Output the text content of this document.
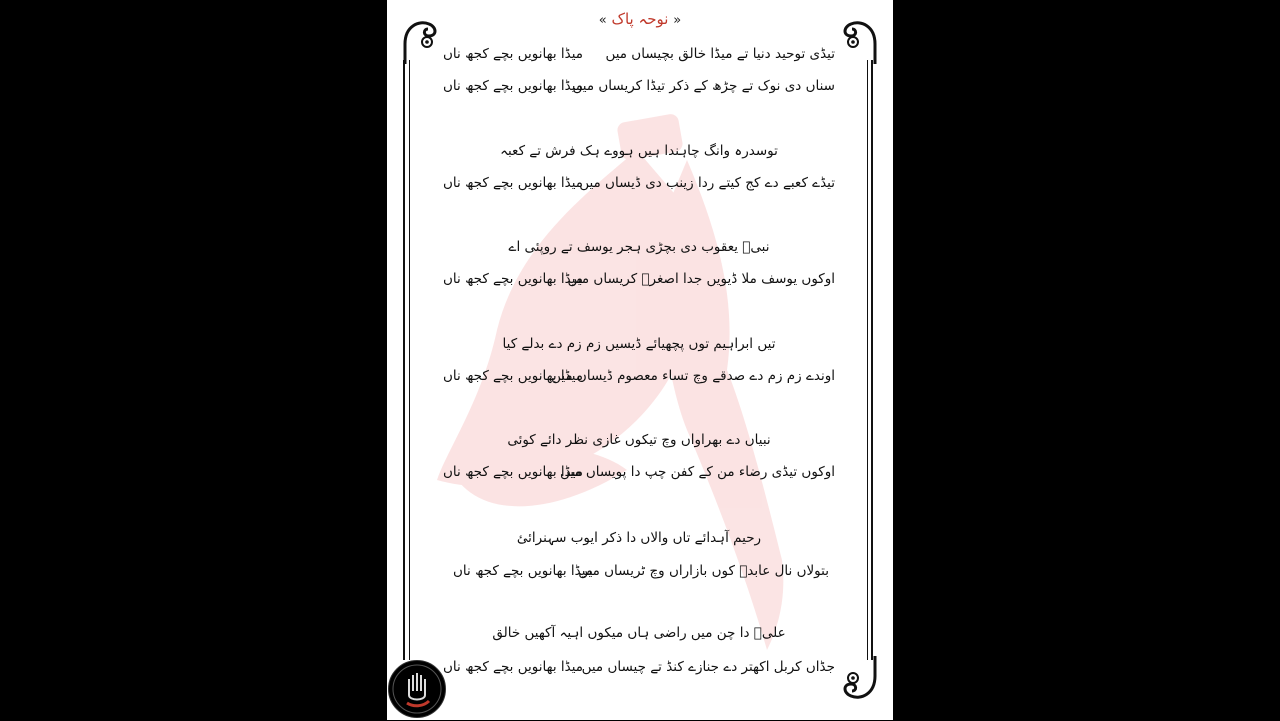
« نوحہ پاک »
تیڈی توحید دنیا تے میڈا خالق بچیساں میں
میڈا بھانویں بچے کجھ ناں
سناں دی نوک تے چڑھ کے ذکر تیڈا کریساں میں
میڈا بھانویں بچے کجھ ناں
توسدرہ وانگ چاہندا ہیں ہووے ہک فرش تے کعبہ
تیڈے کعبے دے کج کیتے ردا زینب دی ڈیساں میں
میڈا بھانویں بچے کجھ ناں
نبیؑ یعقوب دی بچڑی ہجر یوسف تے روپئی اے
اوکوں یوسف ملا ڈیویں جدا اصغرؑ کریساں میں
میڈا بھانویں بچے کجھ ناں
تیں ابراہیم توں پچھیائے ڈیسیں زم زم دے بدلے کیا
اوندے زم زم دے صدقے وچ تساء معصوم ڈیساں میں
میڈا بھانویں بچے کجھ ناں
نبیاں دے بھراواں وچ تیکوں غازی نظر دائے کوئی
اوکوں تیڈی رضاء من کے کفن چپ دا پویساں میں
میڈا بھانویں بچے کجھ ناں
رحیم آہدائے تاں والاں دا ذکر ایوب سہنرائئ
بتولاں نال عابدؑ کوں بازاراں وچ ٹریساں میں
میڈا بھانویں بچے کجھ ناں
علیؑ دا چن میں راضی ہاں میکوں اہیہ آکھیں خالق
جڈاں کربل اکھتر دے جنازے کنڈ تے چیساں میں
میڈا بھانویں بچے کجھ ناں
